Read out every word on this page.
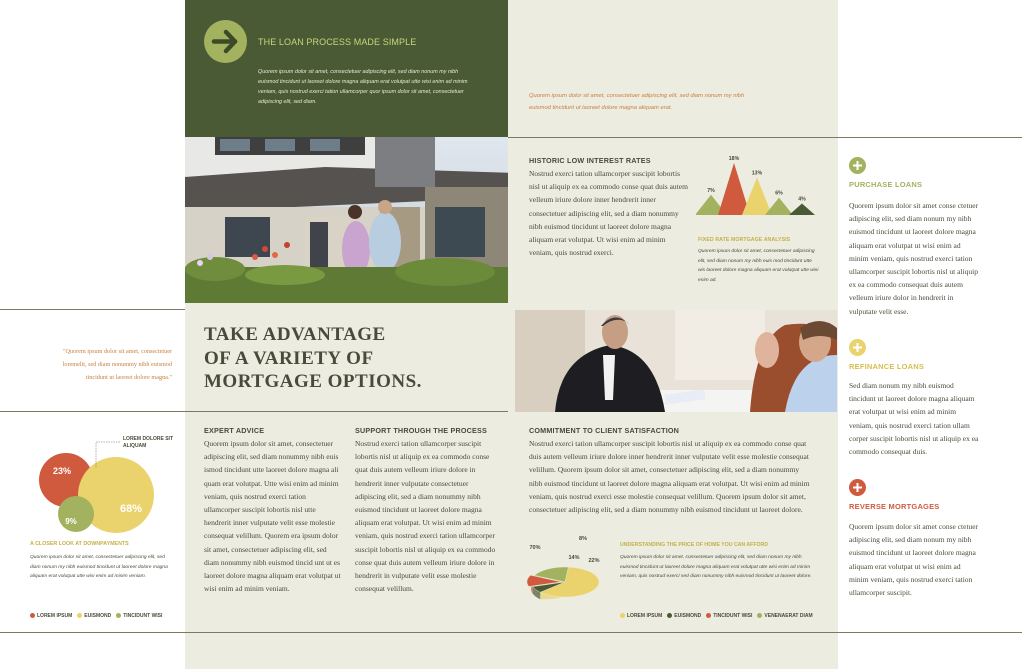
THE LOAN PROCESS MADE SIMPLE
Quorem ipsum dolor sit amet, consectetuer adipiscing elit, sed diam nonum my nibh euismod tincidunt ut laoreet dolore magna aliquam erat volutpat utte wisi enim ad minim veniam, quis nostrud exerci tation ullamcorper quor ipsum dolor sit amet, consectetuer adipiscing elit, sed diam.
Quorem ipsum dolor sit amet, consectetuer adipiscing elit, sed diam nonum my nibh euismod tincidunt ut laoreet dolore magna aliquam erat.
"Quorem ipsum dolor sit amet, consectetuer loremelit, sed diam nonummy nibh euismod tincidunt ut laoreet dolore magna."
TAKE ADVANTAGE
OF A VARIETY OF
MORTGAGE OPTIONS.
HISTORIC LOW INTEREST RATES
Nostrud exerci tation ullamcorper suscipit lobortis nisl ut aliquip ex ea commodo conse quat duis autem velleum iriure dolore inner hendrerit inner consectetuer adipiscing elit, sed a diam nonummy nibh euismod tincidunt ut laoreet dolore magna aliquam erat volutpat. Ut wisi enim ad minim veniam, quis nostrud exerci.
7%
18%
13%
6%
4%
FIXED RATE MORTGAGE ANALYSIS
Quorem ipsum dolor sit amet, consectetuer adipiscing elit, sed diam nonum my nibh euis mod tincidunt utte wis laoreet dolore magna aliquam erat volutpat utte wisi enim ad.
PURCHASE LOANS
Quorem ipsum dolor sit amet conse ctetuer adipiscing elit, sed diam nonum my nibh euismod tincidunt ut laoreet dolore magna aliquam erat volutpat ut wisi enim ad minim veniam, quis nostrud exerci tation ullamcorper suscipit lobortis nisl ut aliquip ex ea commodo consequat duis autem velleum iriure dolor in hendrerit in vulputate velit esse.
REFINANCE LOANS
Sed diam nonum my nibh euismod tincidunt ut laoreet dolore magna aliquam erat volutpat ut wisi enim ad minim veniam, quis nostrud exerci tation ullam corper suscipit lobortis nisl ut aliquip ex ea commodo consequat duis.
REVERSE MORTGAGES
Quorem ipsum dolor sit amet conse ctetuer adipiscing elit, sed diam nonum my nibh euismod tincidunt ut laoreet dolore magna aliquam erat volutpat ut wisi enim ad minim veniam, quis nostrud exerci tation ullamcorper suscipit.
EXPERT ADVICE
Quorem ipsum dolor sit amet, consectetuer adipiscing elit, sed diam nonummy nibh euis ismod tincidunt utte laoreet dolore magna ali quam erat volutpat. Utte wisi enim ad minim veniam, quis nostrud exerci tation ullamcorper suscipit lobortis nisl utte hendrerit inner vulputate velit esse molestie consequat velillum. Quorem era ipsum dolor sit amet, consectetuer adipiscing elit, sed diam nonummy nibh euismod tincid unt ut es laoreet dolore magna aliquam erat volutpat ut wisi enim ad minim veniam.
SUPPORT THROUGH THE PROCESS
Nostrud exerci tation ullamcorper suscipit lobortis nisl ut aliquip ex ea commodo conse quat duis autem velleum iriure dolore in hendrerit inner vulputate consectetuer adipiscing elit, sed a diam nonummy nibh euismod tincidunt ut laoreet dolore magna aliquam erat volutpat. Ut wisi enim ad minim veniam, quis nostrud exerci tation ullamcorper suscipit lobortis nisl ut aliquip ex ea commodo conse quat duis autem velleum iriure dolore in hendrerit in vulputate velit esse molestie consequat velillum.
COMMITMENT TO CLIENT SATISFACTION
Nostrud exerci tation ullamcorper suscipit lobortis nisl ut aliquip ex ea commodo conse quat duis autem velleum iriure dolore inner hendrerit inner vulputate velit esse molestie consequat velillum. Quorem ipsum dolor sit amet, consectetuer adipiscing elit, sed a diam nonummy nibh euismod tincidunt ut laoreet dolore magna aliquam erat volutpat. Ut wisi enim ad minim veniam, quis nostrud exerci esse molestie consequat velillum. Quorem ipsum dolor sit amet, consectetuer adipiscing elit, sed a diam nonummy nibh euismod tincidunt ut laoreet dolore.
70%
8%
14% 22%
UNDERSTANDING THE PRICE OF HOME YOU CAN AFFORD
Quorem ipsum dolor sit amet, consectetuer adipiscing elit, sed diam nonum my nibh euismod tincidunt ut laoreet dolore magna aliquam erat volutpat utte wisi enim ad minim veniam, quis nostrud exerci sed diam nonummy nibh euismod tincidunt ut laoreet dolore.
LOREM IPSUM EUISMOND TINCIDUNT WISI VENENAERAT DIAM
23%
68%
9%
LOREM DOLORE SIT ALIQUAM
A CLOSER LOOK AT DOWNPAYMENTS
Quorem ipsum dolor sit amet, consectetuer adipiscing elit, sed diam nonum my nibh euismod tincidunt ut laoreet dolore magna aliquam erat volutpat utte wisi enim ad minim veniam.
LOREM IPSUM EUISMOND TINCIDUNT WISI
